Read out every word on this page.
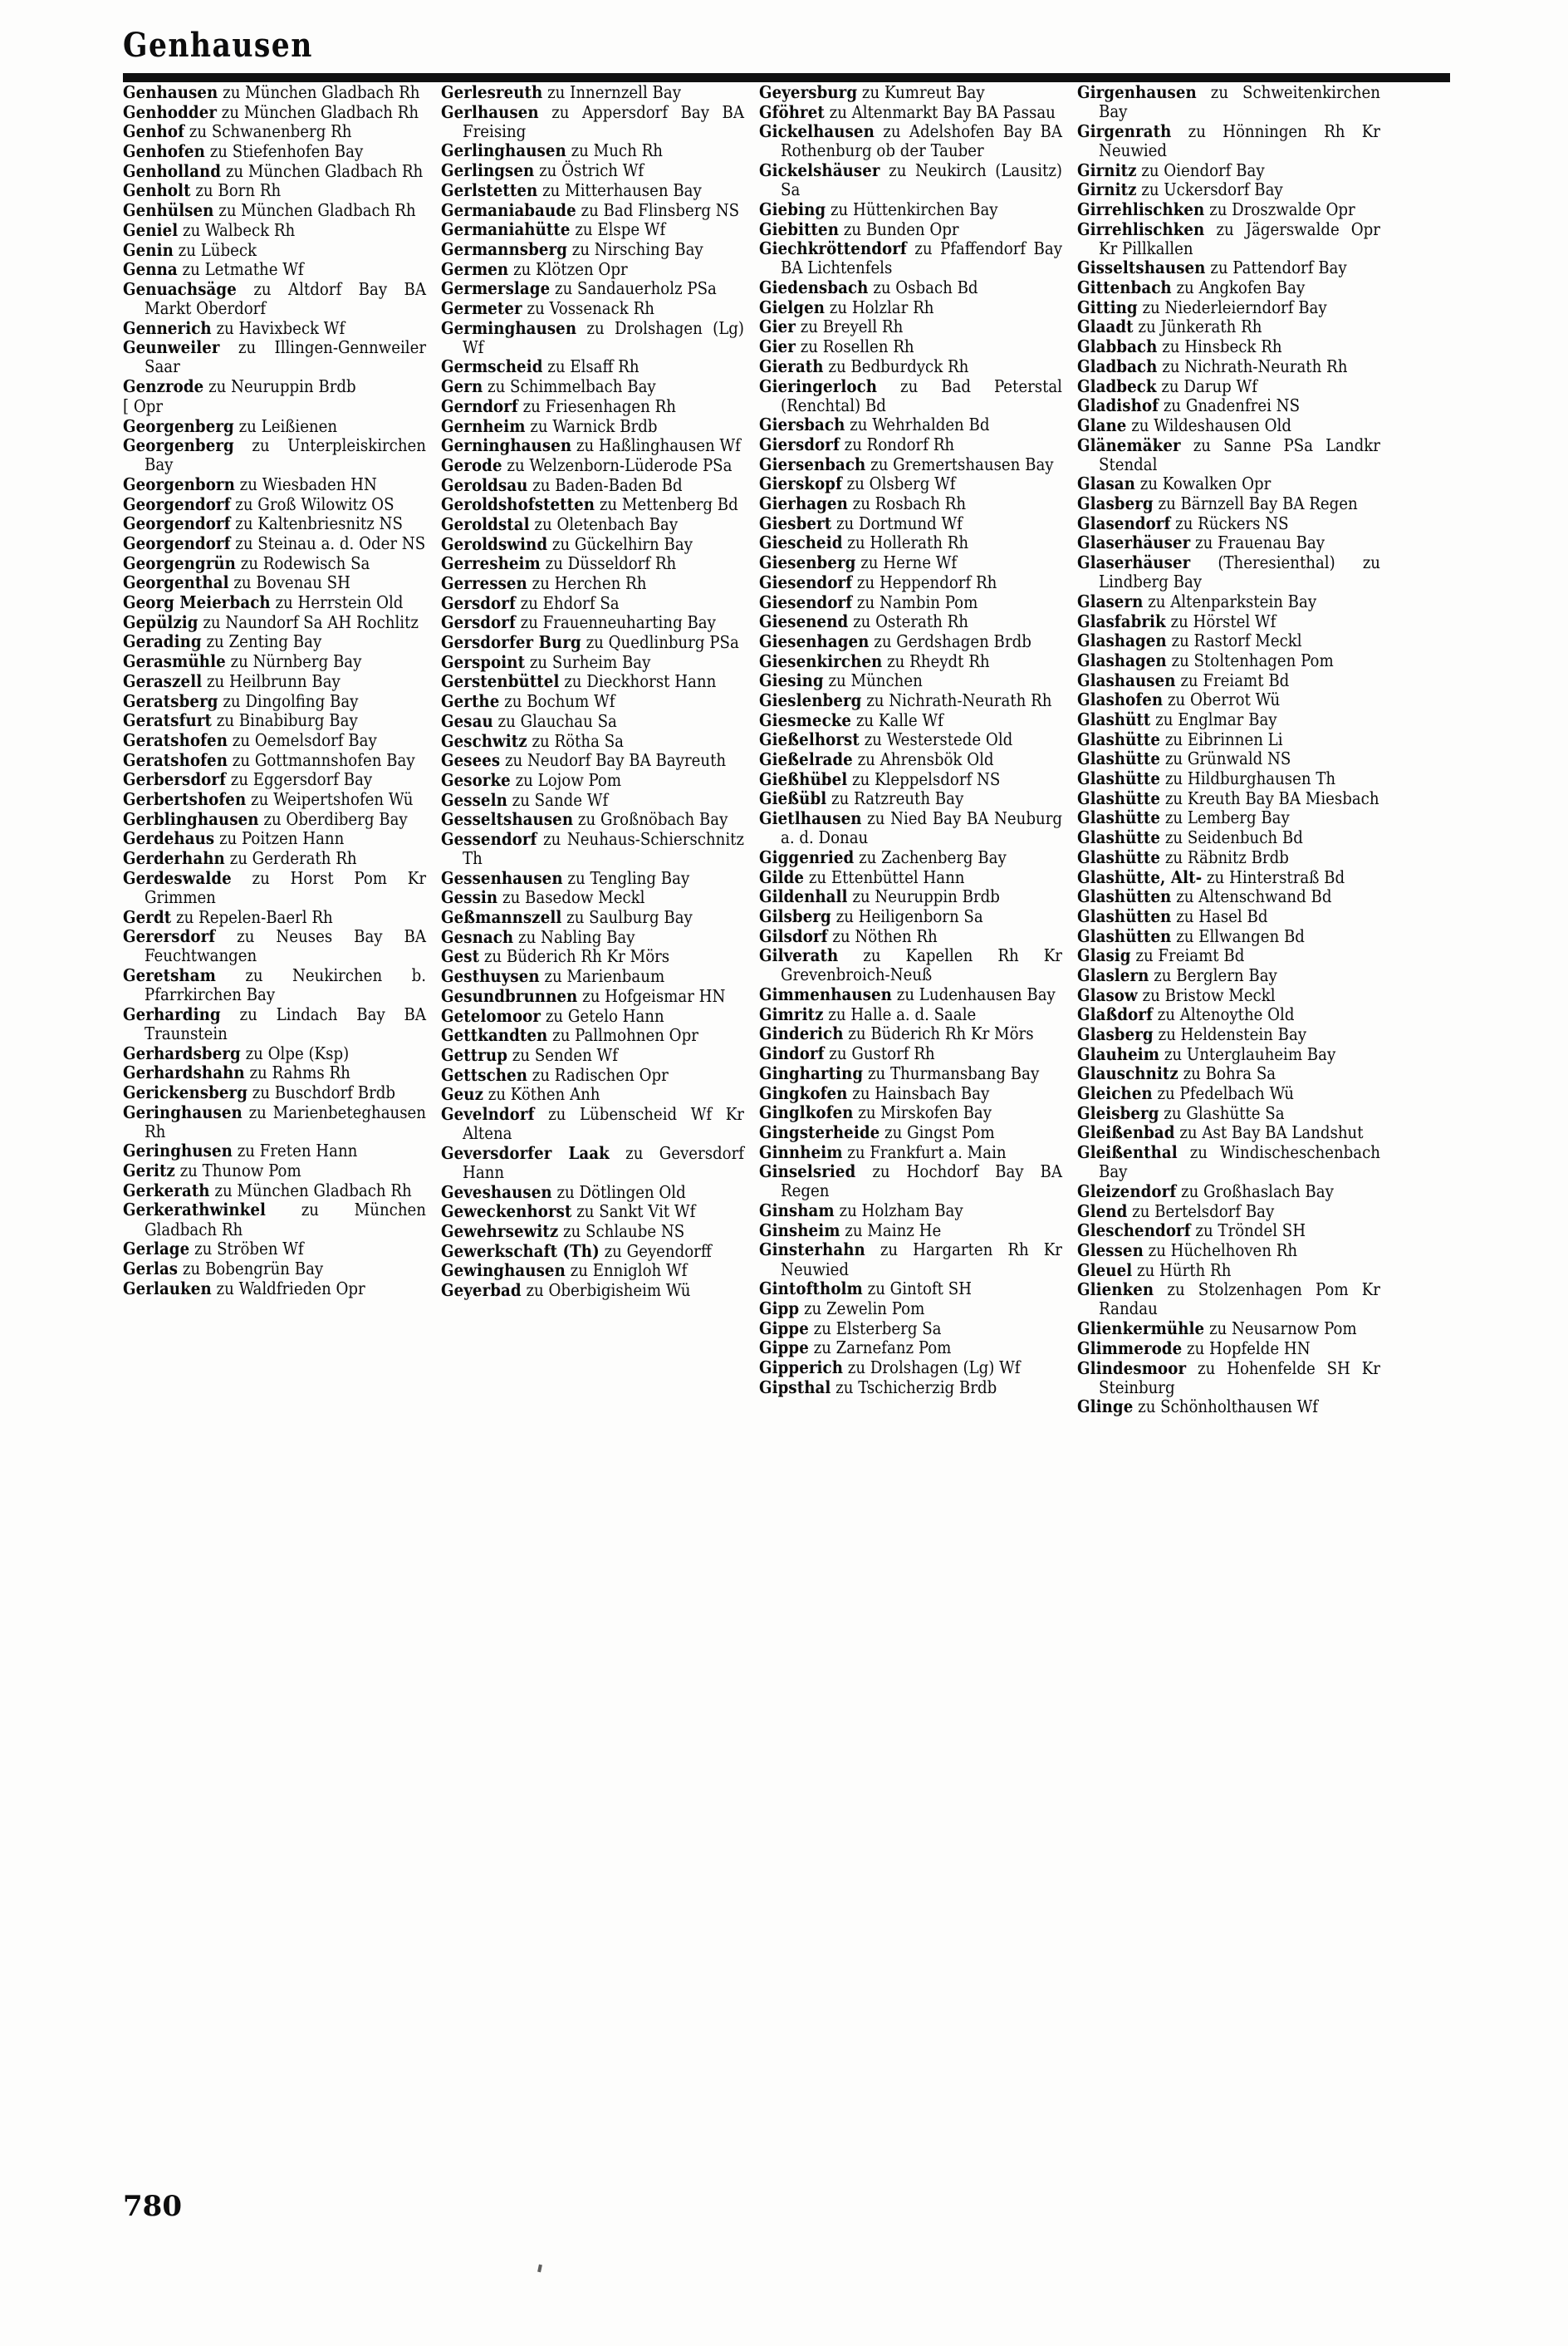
Genhausen

Genhausen zu München Gladbach Rh

Genhodder zu München Gladbach Rh

Genhof zu Schwanenberg Rh

Genhofen zu Stiefenhofen Bay

Genholland zu München Gladbach Rh

Genholt zu Born Rh

Genhülsen zu München Gladbach Rh

Geniel zu Walbeck Rh

Genin zu Lübeck

Genna zu Letmathe Wf

Genuachsäge zu Altdorf Bay BA Markt Oberdorf

Gennerich zu Havixbeck Wf

Geunweiler zu Illingen-Gennweiler Saar

Genzrode zu Neuruppin Brdb

[ Opr

Georgenberg zu Leißienen

Georgenberg zu Unterpleiskirchen Bay

Georgenborn zu Wiesbaden HN

Georgendorf zu Groß Wilowitz OS

Georgendorf zu Kaltenbriesnitz NS

Georgendorf zu Steinau a. d. Oder NS

Georgengrün zu Rodewisch Sa

Georgenthal zu Bovenau SH

Georg Meierbach zu Herrstein Old

Gepülzig zu Naundorf Sa AH Rochlitz

Gerading zu Zenting Bay

Gerasmühle zu Nürnberg Bay

Geraszell zu Heilbrunn Bay

Geratsberg zu Dingolfing Bay

Geratsfurt zu Binabiburg Bay

Geratshofen zu Oemelsdorf Bay

Geratshofen zu Gottmannshofen Bay

Gerbersdorf zu Eggersdorf Bay

Gerbertshofen zu Weipertshofen Wü

Gerblinghausen zu Oberdiberg Bay

Gerdehaus zu Poitzen Hann

Gerderhahn zu Gerderath Rh

Gerdeswalde zu Horst Pom Kr Grimmen

Gerdt zu Repelen-Baerl Rh

Gerersdorf zu Neuses Bay BA Feuchtwangen

Geretsham zu Neukirchen b. Pfarrkirchen Bay

Gerharding zu Lindach Bay BA Traunstein

Gerhardsberg zu Olpe (Ksp)

Gerhardshahn zu Rahms Rh

Gerickensberg zu Buschdorf Brdb

Geringhausen zu Marienbeteghausen Rh

Geringhusen zu Freten Hann

Geritz zu Thunow Pom

Gerkerath zu München Gladbach Rh

Gerkerathwinkel zu München Gladbach Rh

Gerlage zu Ströben Wf

Gerlas zu Bobengrün Bay

Gerlauken zu Waldfrieden Opr

Gerlesreuth zu Innernzell Bay

Gerlhausen zu Appersdorf Bay BA Freising

Gerlinghausen zu Much Rh

Gerlingsen zu Östrich Wf

Gerlstetten zu Mitterhausen Bay

Germaniabaude zu Bad Flinsberg NS

Germaniahütte zu Elspe Wf

Germannsberg zu Nirsching Bay

Germen zu Klötzen Opr

Germerslage zu Sandauerholz PSa

Germeter zu Vossenack Rh

Germinghausen zu Drolshagen (Lg) Wf

Germscheid zu Elsaff Rh

Gern zu Schimmelbach Bay

Gerndorf zu Friesenhagen Rh

Gernheim zu Warnick Brdb

Gerninghausen zu Haßlinghausen Wf

Gerode zu Welzenborn-Lüderode PSa

Geroldsau zu Baden-Baden Bd

Geroldshofstetten zu Mettenberg Bd

Geroldstal zu Oletenbach Bay

Geroldswind zu Gückelhirn Bay

Gerresheim zu Düsseldorf Rh

Gerressen zu Herchen Rh

Gersdorf zu Ehdorf Sa

Gersdorf zu Frauenneuharting Bay

Gersdorfer Burg zu Quedlinburg PSa

Gerspoint zu Surheim Bay

Gerstenbüttel zu Dieckhorst Hann

Gerthe zu Bochum Wf

Gesau zu Glauchau Sa

Geschwitz zu Rötha Sa

Gesees zu Neudorf Bay BA Bayreuth

Gesorke zu Lojow Pom

Gesseln zu Sande Wf

Gesseltshausen zu Großnöbach Bay

Gessendorf zu Neuhaus-Schierschnitz Th

Gessenhausen zu Tengling Bay

Gessin zu Basedow Meckl

Geßmannszell zu Saulburg Bay

Gesnach zu Nabling Bay

Gest zu Büderich Rh Kr Mörs

Gesthuysen zu Marienbaum

Gesundbrunnen zu Hofgeismar HN

Getelomoor zu Getelo Hann

Gettkandten zu Pallmohnen Opr

Gettrup zu Senden Wf

Gettschen zu Radischen Opr

Geuz zu Köthen Anh

Gevelndorf zu Lübenscheid Wf Kr Altena

Geversdorfer Laak zu Geversdorf Hann

Geveshausen zu Dötlingen Old

Geweckenhorst zu Sankt Vit Wf

Gewehrsewitz zu Schlaube NS

Gewerkschaft (Th) zu Geyendorff

Gewinghausen zu Ennigloh Wf

Geyerbad zu Oberbigisheim Wü

Geyersburg zu Kumreut Bay

Gföhret zu Altenmarkt Bay BA Passau

Gickelhausen zu Adelshofen Bay BA Rothenburg ob der Tauber

Gickelshäuser zu Neukirch (Lausitz) Sa

Giebing zu Hüttenkirchen Bay

Giebitten zu Bunden Opr

Giechkröttendorf zu Pfaffendorf Bay BA Lichtenfels

Giedensbach zu Osbach Bd

Gielgen zu Holzlar Rh

Gier zu Breyell Rh

Gier zu Rosellen Rh

Gierath zu Bedburdyck Rh

Gieringerloch zu Bad Peterstal (Renchtal) Bd

Giersbach zu Wehrhalden Bd

Giersdorf zu Rondorf Rh

Giersenbach zu Gremertshausen Bay

Gierskopf zu Olsberg Wf

Gierhagen zu Rosbach Rh

Giesbert zu Dortmund Wf

Giescheid zu Hollerath Rh

Giesenberg zu Herne Wf

Giesendorf zu Heppendorf Rh

Giesendorf zu Nambin Pom

Giesenend zu Osterath Rh

Giesenhagen zu Gerdshagen Brdb

Giesenkirchen zu Rheydt Rh

Giesing zu München

Gieslenberg zu Nichrath-Neurath Rh

Giesmecke zu Kalle Wf

Gießelhorst zu Westerstede Old

Gießelrade zu Ahrensbök Old

Gießhübel zu Kleppelsdorf NS

Gießübl zu Ratzreuth Bay

Gietlhausen zu Nied Bay BA Neuburg a. d. Donau

Giggenried zu Zachenberg Bay

Gilde zu Ettenbüttel Hann

Gildenhall zu Neuruppin Brdb

Gilsberg zu Heiligenborn Sa

Gilsdorf zu Nöthen Rh

Gilverath zu Kapellen Rh Kr Grevenbroich-Neuß

Gimmenhausen zu Ludenhausen Bay

Gimritz zu Halle a. d. Saale

Ginderich zu Büderich Rh Kr Mörs

Gindorf zu Gustorf Rh

Gingharting zu Thurmansbang Bay

Gingkofen zu Hainsbach Bay

Ginglkofen zu Mirskofen Bay

Gingsterheide zu Gingst Pom

Ginnheim zu Frankfurt a. Main

Ginselsried zu Hochdorf Bay BA Regen

Ginsham zu Holzham Bay

Ginsheim zu Mainz He

Ginsterhahn zu Hargarten Rh Kr Neuwied

Gintoftholm zu Gintoft SH

Gipp zu Zewelin Pom

Gippe zu Elsterberg Sa

Gippe zu Zarnefanz Pom

Gipperich zu Drolshagen (Lg) Wf

Gipsthal zu Tschicherzig Brdb

Girgenhausen zu Schweitenkirchen Bay

Girgenrath zu Hönningen Rh Kr Neuwied

Girnitz zu Oiendorf Bay

Girnitz zu Uckersdorf Bay

Girrehlischken zu Droszwalde Opr

Girrehlischken zu Jägerswalde Opr Kr Pillkallen

Gisseltshausen zu Pattendorf Bay

Gittenbach zu Angkofen Bay

Gitting zu Niederleierndorf Bay

Glaadt zu Jünkerath Rh

Glabbach zu Hinsbeck Rh

Gladbach zu Nichrath-Neurath Rh

Gladbeck zu Darup Wf

Gladishof zu Gnadenfrei NS

Glane zu Wildeshausen Old

Glänemäker zu Sanne PSa Landkr Stendal

Glasan zu Kowalken Opr

Glasberg zu Bärnzell Bay BA Regen

Glasendorf zu Rückers NS

Glaserhäuser zu Frauenau Bay

Glaserhäuser (Theresienthal) zu Lindberg Bay

Glasern zu Altenparkstein Bay

Glasfabrik zu Hörstel Wf

Glashagen zu Rastorf Meckl

Glashagen zu Stoltenhagen Pom

Glashausen zu Freiamt Bd

Glashofen zu Oberrot Wü

Glashütt zu Englmar Bay

Glashütte zu Eibrinnen Li

Glashütte zu Grünwald NS

Glashütte zu Hildburghausen Th

Glashütte zu Kreuth Bay BA Miesbach

Glashütte zu Lemberg Bay

Glashütte zu Seidenbuch Bd

Glashütte zu Räbnitz Brdb

Glashütte, Alt- zu Hinterstraß Bd

Glashütten zu Altenschwand Bd

Glashütten zu Hasel Bd

Glashütten zu Ellwangen Bd

Glasig zu Freiamt Bd

Glaslern zu Berglern Bay

Glasow zu Bristow Meckl

Glaßdorf zu Altenoythe Old

Glasberg zu Heldenstein Bay

Glauheim zu Unterglauheim Bay

Glauschnitz zu Bohra Sa

Gleichen zu Pfedelbach Wü

Gleisberg zu Glashütte Sa

Gleißenbad zu Ast Bay BA Landshut

Gleißenthal zu Windischeschenbach Bay

Gleizendorf zu Großhaslach Bay

Glend zu Bertelsdorf Bay

Gleschendorf zu Tröndel SH

Glessen zu Hüchelhoven Rh

Gleuel zu Hürth Rh

Glienken zu Stolzenhagen Pom Kr Randau

Glienkermühle zu Neusarnow Pom

Glimmerode zu Hopfelde HN

Glindesmoor zu Hohenfelde SH Kr Steinburg

Glinge zu Schönholthausen Wf

780
